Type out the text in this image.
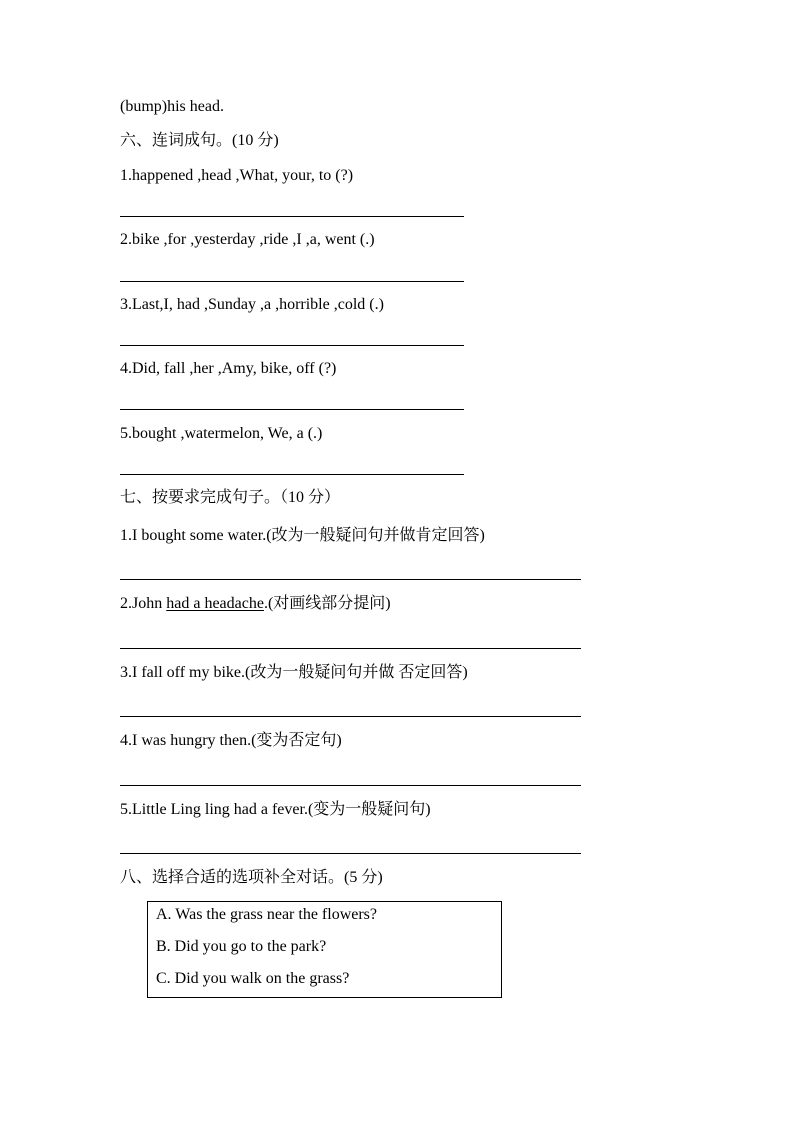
(bump)his head.
六、连词成句。(10 分)
1.happened ,head ,What, your, to (?)
2.bike ,for ,yesterday ,ride ,I ,a, went (.)
3.Last,I, had ,Sunday ,a ,horrible ,cold (.)
4.Did, fall ,her ,Amy, bike, off (?)
5.bought ,watermelon, We, a (.)
七、按要求完成句子。（10 分）
1.I bought some water.(改为一般疑问句并做肯定回答)
2.John had a headache.(对画线部分提问)
3.I fall off my bike.(改为一般疑问句并做 否定回答)
4.I was hungry then.(变为否定句)
5.Little Ling ling had a fever.(变为一般疑问句)
八、选择合适的选项补全对话。(5 分)
A. Was the grass near the flowers?
B. Did you go to the park?
C. Did you walk on the grass?
